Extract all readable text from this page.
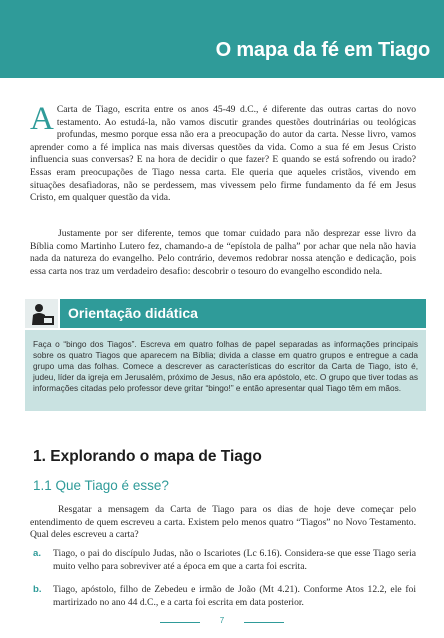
O mapa da fé em Tiago

A Carta de Tiago, escrita entre os anos 45-49 d.C., é diferente das outras cartas do novo testamento. Ao estudá-la, não vamos discutir grandes questões doutrinárias ou teológicas profundas, mesmo porque essa não era a preocupação do autor da carta. Nesse livro, vamos aprender como a fé implica nas mais diversas questões da vida. Como a sua fé em Jesus Cristo influencia suas conversas? E na hora de decidir o que fazer? E quando se está sofrendo ou irado? Essas eram preocupações de Tiago nessa carta. Ele queria que aqueles cristãos, vivendo em situações desafiadoras, não se perdessem, mas vivessem pelo firme fundamento da fé em Jesus Cristo, em qualquer questão da vida.

Justamente por ser diferente, temos que tomar cuidado para não desprezar esse livro da Bíblia como Martinho Lutero fez, chamando-a de “epístola de palha” por achar que nela não havia nada da natureza do evangelho. Pelo contrário, devemos redobrar nossa atenção e dedicação, pois essa carta nos traz um verdadeiro desafio: descobrir o tesouro do evangelho escondido nela.

Orientação didática
Faça o “bingo dos Tiagos”. Escreva em quatro folhas de papel separadas as informações principais sobre os quatro Tiagos que aparecem na Bíblia; divida a classe em quatro grupos e entregue a cada grupo uma das folhas. Comece a descrever as características do escritor da Carta de Tiago, isto é, judeu, líder da igreja em Jerusalém, próximo de Jesus, não era apóstolo, etc. O grupo que tiver todas as informações citadas pelo professor deve gritar “bingo!” e então apresentar qual Tiago têm em mãos.
1. Explorando o mapa de Tiago
1.1 Que Tiago é esse?

Resgatar a mensagem da Carta de Tiago para os dias de hoje deve começar pelo entendimento de quem escreveu a carta. Existem pelo menos quatro “Tiagos” no Novo Testamento. Qual deles escreveu a carta?

a. Tiago, o pai do discípulo Judas, não o Iscariotes (Lc 6.16). Considera-se que esse Tiago seria muito velho para sobreviver até a época em que a carta foi escrita.
b. Tiago, apóstolo, filho de Zebedeu e irmão de João (Mt 4.21). Conforme Atos 12.2, ele foi martirizado no ano 44 d.C., e a carta foi escrita em data posterior.
7
